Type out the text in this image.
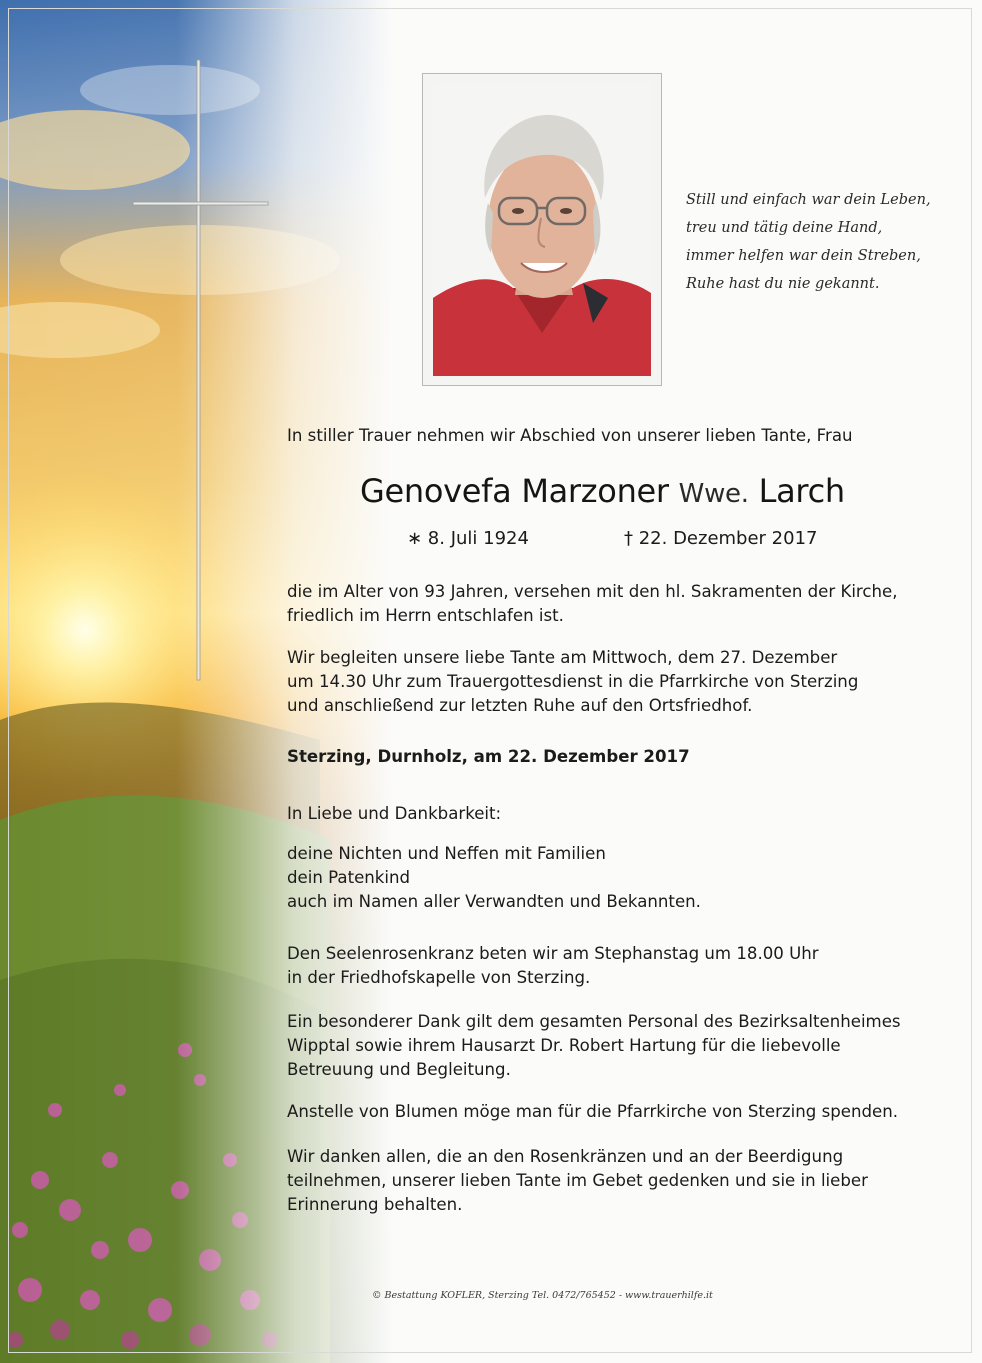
Still und einfach war dein Leben,
treu und tätig deine Hand,
immer helfen war dein Streben,
Ruhe hast du nie gekannt.
In stiller Trauer nehmen wir Abschied von unserer lieben Tante, Frau
Genovefa Marzoner Wwe. Larch
∗ 8. Juli 1924	† 22. Dezember 2017
die im Alter von 93 Jahren, versehen mit den hl. Sakramenten der Kirche,
friedlich im Herrn entschlafen ist.
Wir begleiten unsere liebe Tante am Mittwoch, dem 27. Dezember
um 14.30 Uhr zum Trauergottesdienst in die Pfarrkirche von Sterzing
und anschließend zur letzten Ruhe auf den Ortsfriedhof.
Sterzing, Durnholz, am 22. Dezember 2017
In Liebe und Dankbarkeit:
deine Nichten und Neffen mit Familien
dein Patenkind
auch im Namen aller Verwandten und Bekannten.
Den Seelenrosenkranz beten wir am Stephanstag um 18.00 Uhr
in der Friedhofskapelle von Sterzing.
Ein besonderer Dank gilt dem gesamten Personal des Bezirksaltenheimes
Wipptal sowie ihrem Hausarzt Dr. Robert Hartung für die liebevolle
Betreuung und Begleitung.
Anstelle von Blumen möge man für die Pfarrkirche von Sterzing spenden.
Wir danken allen, die an den Rosenkränzen und an der Beerdigung
teilnehmen, unserer lieben Tante im Gebet gedenken und sie in lieber
Erinnerung behalten.
© Bestattung KOFLER, Sterzing Tel. 0472/765452 - www.trauerhilfe.it
